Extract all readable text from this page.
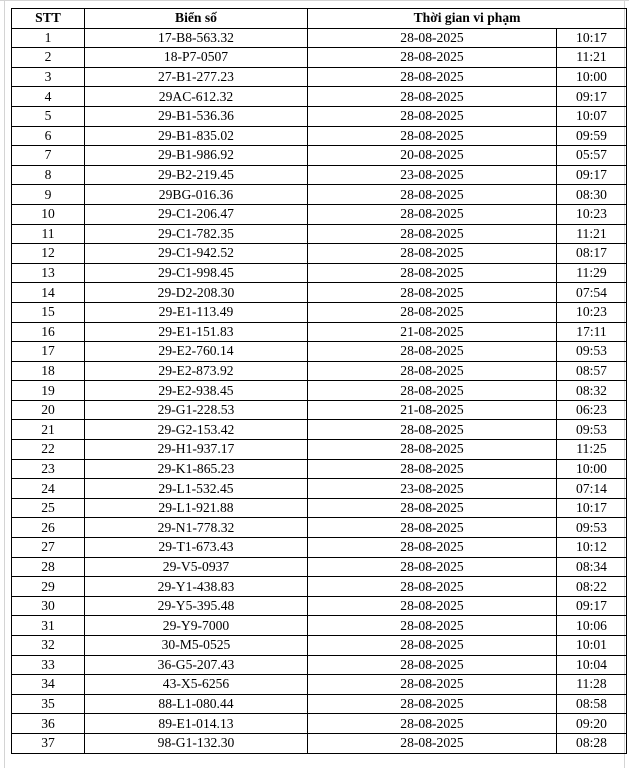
STT	Biển số	Thời gian vi phạm	
1	17-B8-563.32	28-08-2025	10:17
2	18-P7-0507	28-08-2025	11:21
3	27-B1-277.23	28-08-2025	10:00
4	29AC-612.32	28-08-2025	09:17
5	29-B1-536.36	28-08-2025	10:07
6	29-B1-835.02	28-08-2025	09:59
7	29-B1-986.92	20-08-2025	05:57
8	29-B2-219.45	23-08-2025	09:17
9	29BG-016.36	28-08-2025	08:30
10	29-C1-206.47	28-08-2025	10:23
11	29-C1-782.35	28-08-2025	11:21
12	29-C1-942.52	28-08-2025	08:17
13	29-C1-998.45	28-08-2025	11:29
14	29-D2-208.30	28-08-2025	07:54
15	29-E1-113.49	28-08-2025	10:23
16	29-E1-151.83	21-08-2025	17:11
17	29-E2-760.14	28-08-2025	09:53
18	29-E2-873.92	28-08-2025	08:57
19	29-E2-938.45	28-08-2025	08:32
20	29-G1-228.53	21-08-2025	06:23
21	29-G2-153.42	28-08-2025	09:53
22	29-H1-937.17	28-08-2025	11:25
23	29-K1-865.23	28-08-2025	10:00
24	29-L1-532.45	23-08-2025	07:14
25	29-L1-921.88	28-08-2025	10:17
26	29-N1-778.32	28-08-2025	09:53
27	29-T1-673.43	28-08-2025	10:12
28	29-V5-0937	28-08-2025	08:34
29	29-Y1-438.83	28-08-2025	08:22
30	29-Y5-395.48	28-08-2025	09:17
31	29-Y9-7000	28-08-2025	10:06
32	30-M5-0525	28-08-2025	10:01
33	36-G5-207.43	28-08-2025	10:04
34	43-X5-6256	28-08-2025	11:28
35	88-L1-080.44	28-08-2025	08:58
36	89-E1-014.13	28-08-2025	09:20
37	98-G1-132.30	28-08-2025	08:28
